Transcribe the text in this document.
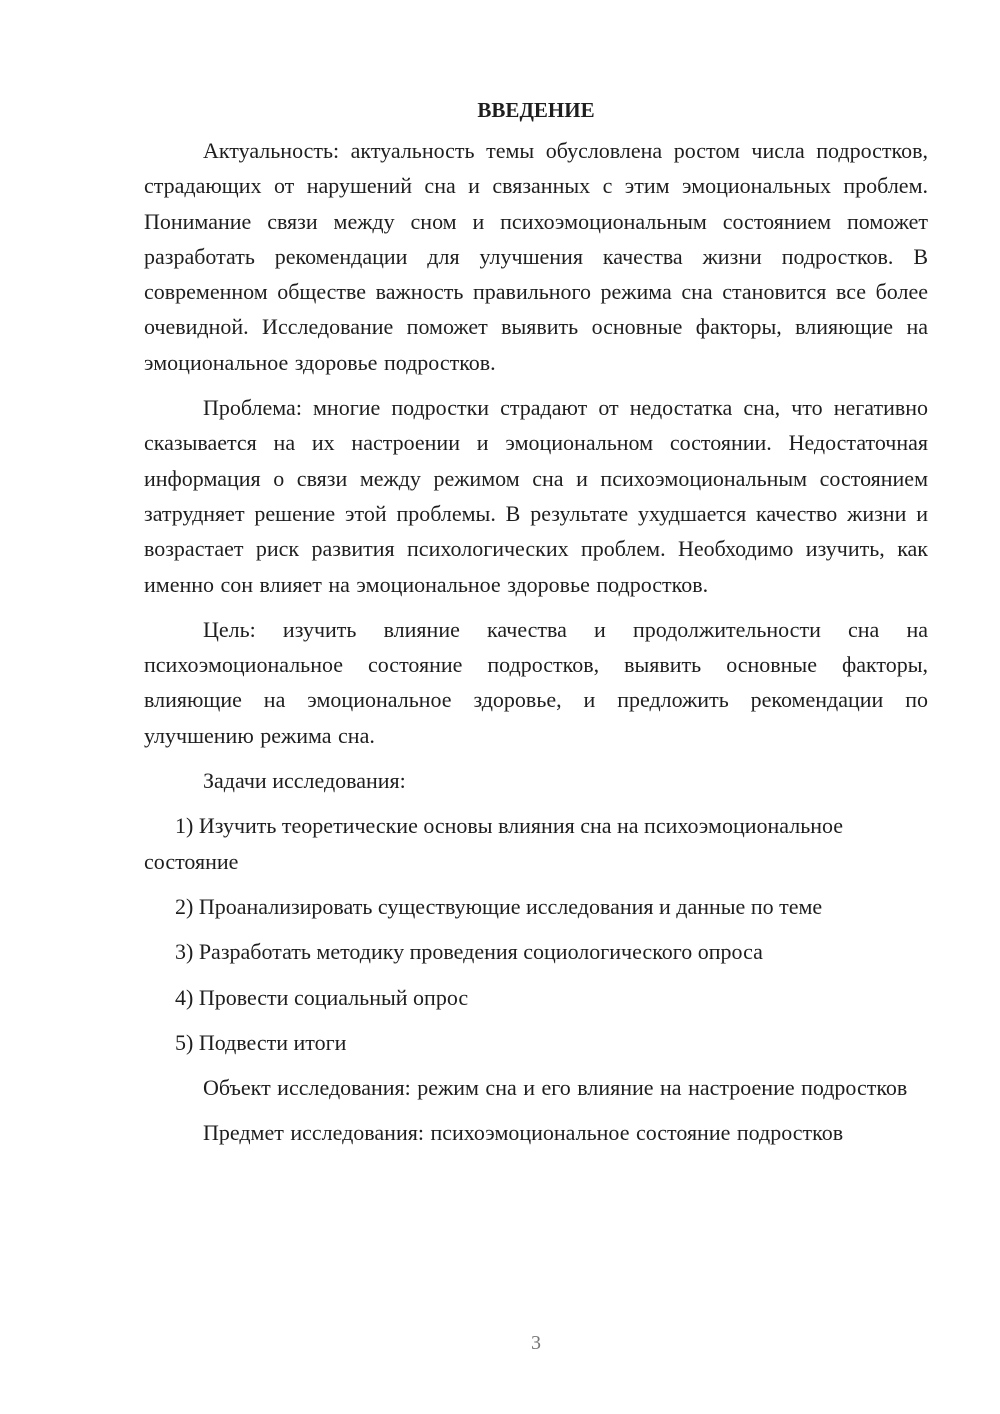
ВВЕДЕНИЕ

Актуальность: актуальность темы обусловлена ростом числа подростков, страдающих от нарушений сна и связанных с этим эмоциональных проблем. Понимание связи между сном и психоэмоциональным состоянием поможет разработать рекомендации для улучшения качества жизни подростков. В современном обществе важность правильного режима сна становится все более очевидной. Исследование поможет выявить основные факторы, влияющие на эмоциональное здоровье подростков.

Проблема: многие подростки страдают от недостатка сна, что негативно сказывается на их настроении и эмоциональном состоянии. Недостаточная информация о связи между режимом сна и психоэмоциональным состоянием затрудняет решение этой проблемы. В результате ухудшается качество жизни и возрастает риск развития психологических проблем. Необходимо изучить, как именно сон влияет на эмоциональное здоровье подростков.

Цель: изучить влияние качества и продолжительности сна на психоэмоциональное состояние подростков, выявить основные факторы, влияющие на эмоциональное здоровье, и предложить рекомендации по улучшению режима сна.

Задачи исследования:

1) Изучить теоретические основы влияния сна на психоэмоциональное состояние

2) Проанализировать существующие исследования и данные по теме

3) Разработать методику проведения социологического опроса

4) Провести социальный опрос

5) Подвести итоги

Объект исследования: режим сна и его влияние на настроение подростков

Предмет исследования: психоэмоциональное состояние подростков

3
